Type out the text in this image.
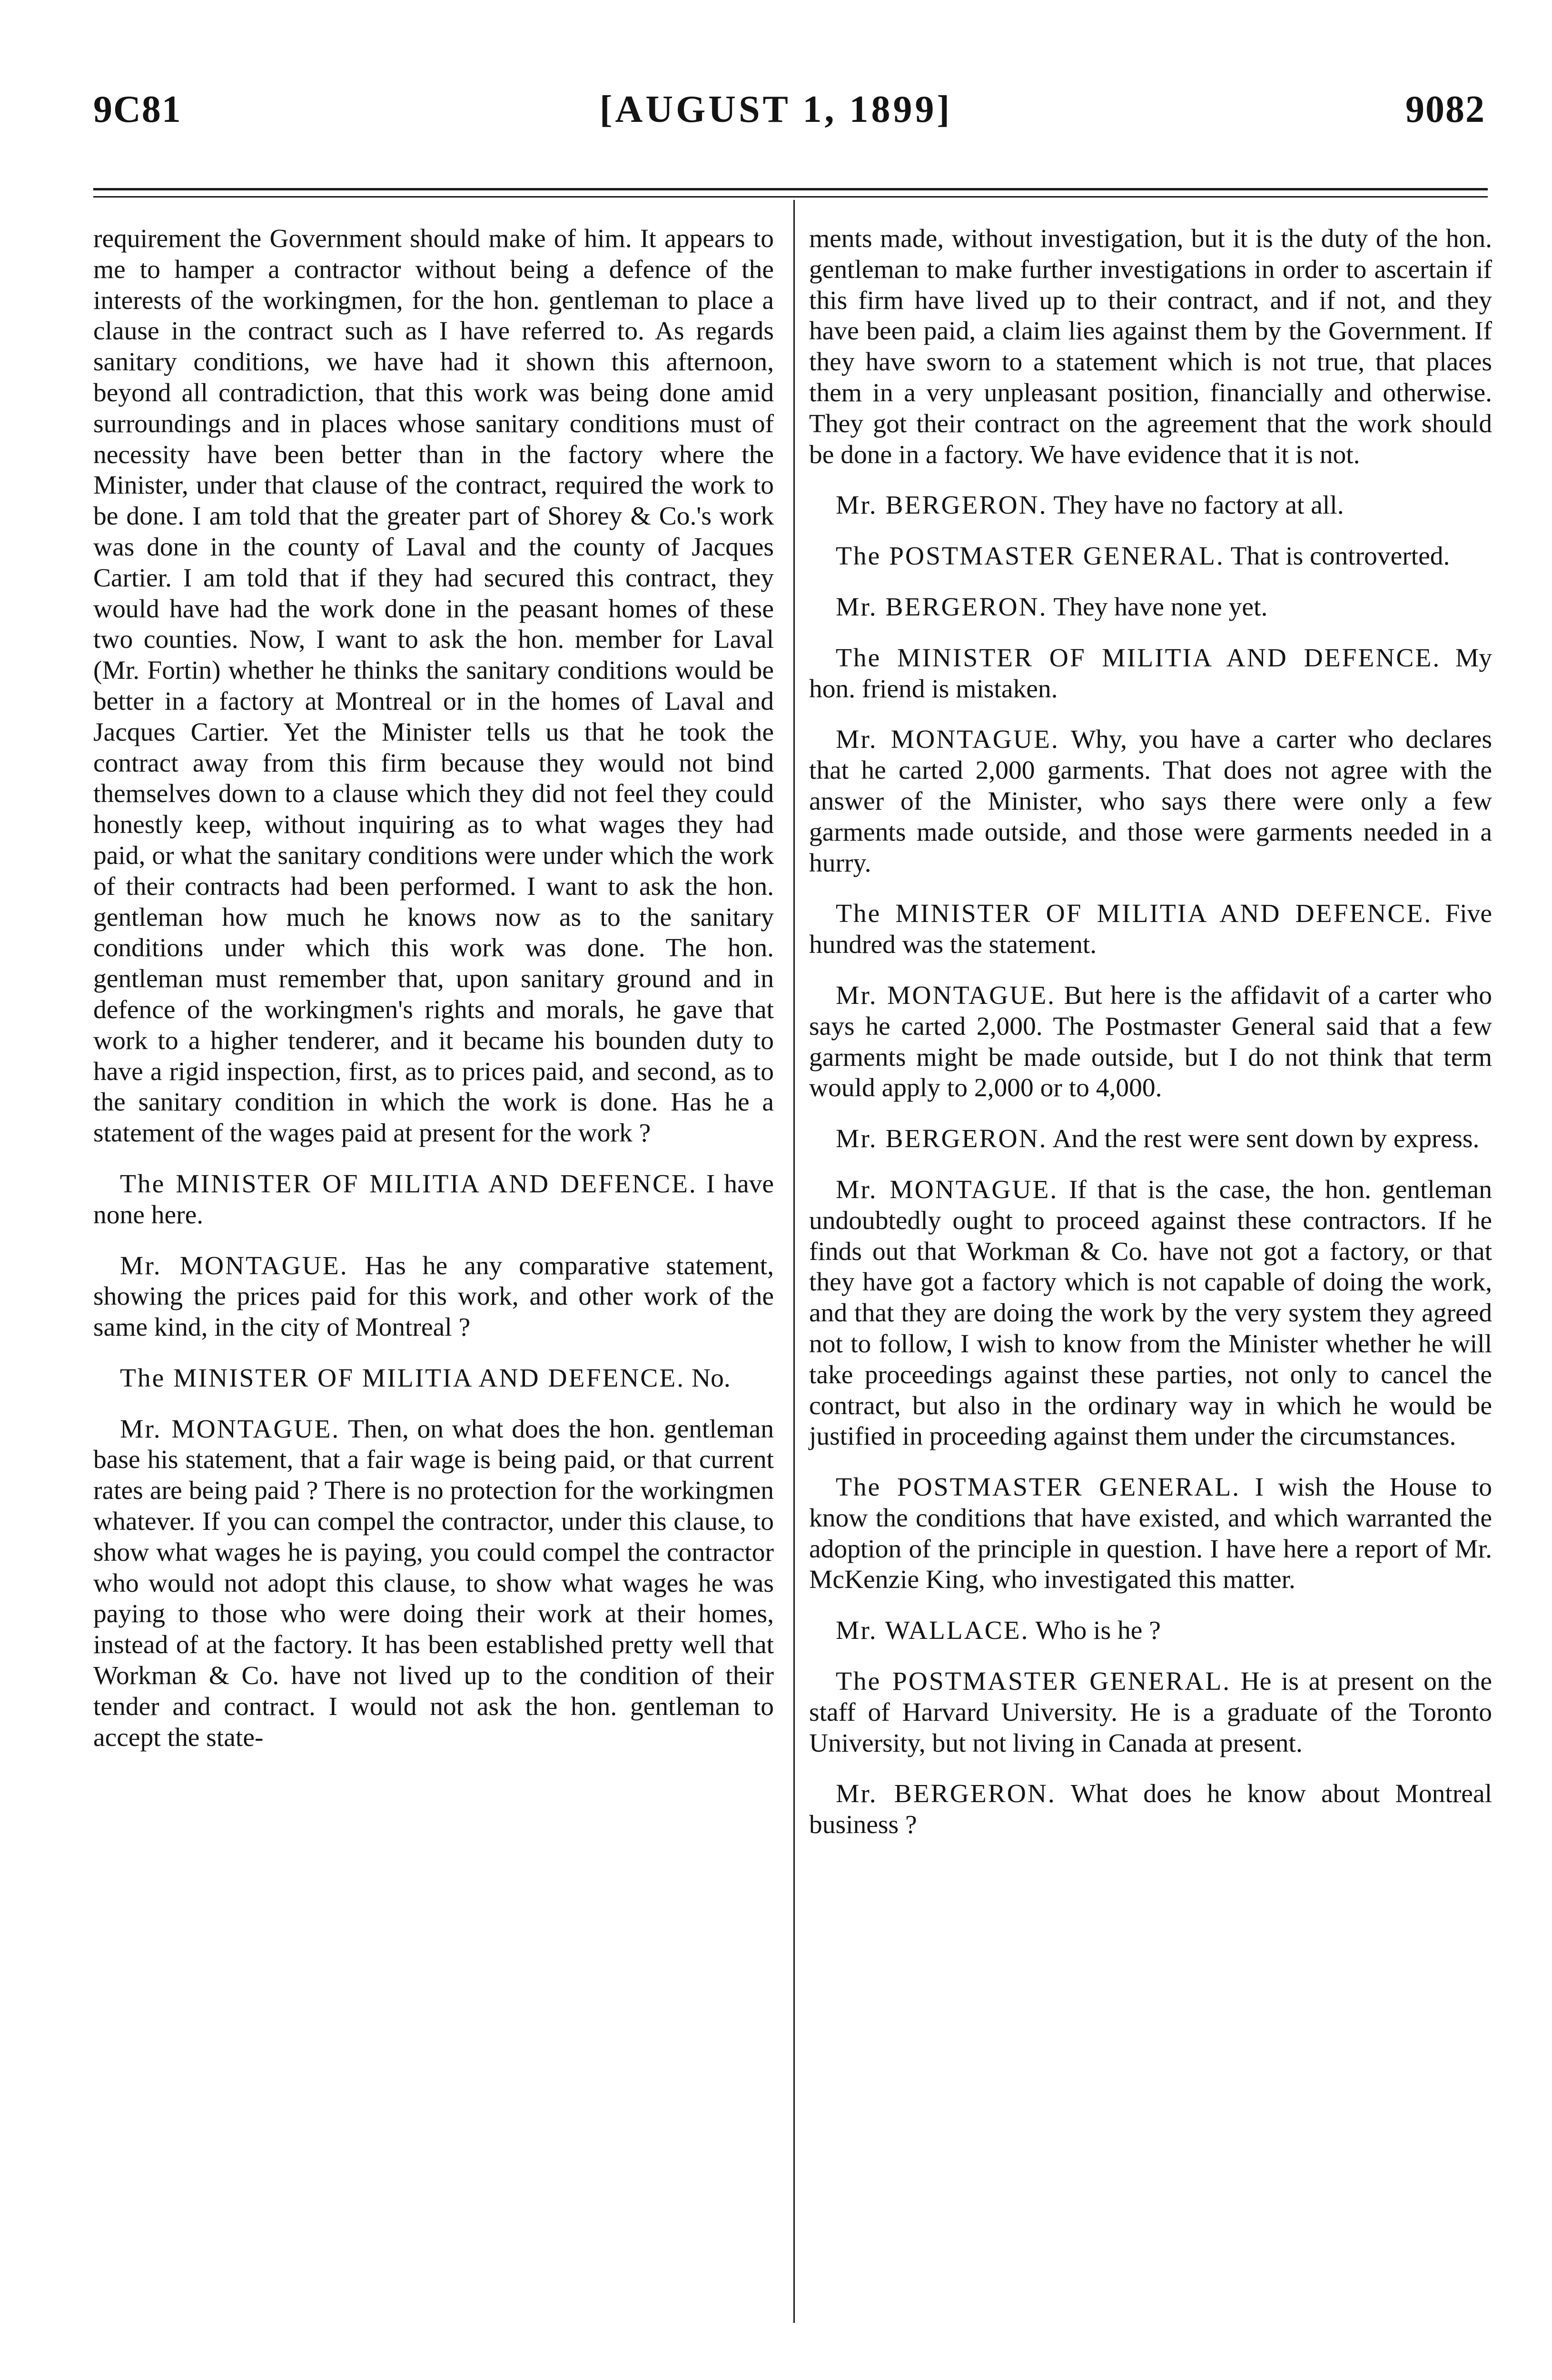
9C81	[AUGUST 1, 1899]	9082

requirement the Government should make of him. It appears to me to hamper a contractor without being a defence of the interests of the workingmen, for the hon. gentleman to place a clause in the contract such as I have referred to. As regards sanitary conditions, we have had it shown this afternoon, beyond all contradiction, that this work was being done amid surroundings and in places whose sanitary conditions must of necessity have been better than in the factory where the Minister, under that clause of the contract, required the work to be done. I am told that the greater part of Shorey & Co.'s work was done in the county of Laval and the county of Jacques Cartier. I am told that if they had secured this contract, they would have had the work done in the peasant homes of these two counties. Now, I want to ask the hon. member for Laval (Mr. Fortin) whether he thinks the sanitary conditions would be better in a factory at Montreal or in the homes of Laval and Jacques Cartier. Yet the Minister tells us that he took the contract away from this firm because they would not bind themselves down to a clause which they did not feel they could honestly keep, without inquiring as to what wages they had paid, or what the sanitary conditions were under which the work of their contracts had been performed. I want to ask the hon. gentleman how much he knows now as to the sanitary conditions under which this work was done. The hon. gentleman must remember that, upon sanitary ground and in defence of the workingmen's rights and morals, he gave that work to a higher tenderer, and it became his bounden duty to have a rigid inspection, first, as to prices paid, and second, as to the sanitary condition in which the work is done. Has he a statement of the wages paid at present for the work ?

The MINISTER OF MILITIA AND DEFENCE. I have none here.

Mr. MONTAGUE. Has he any comparative statement, showing the prices paid for this work, and other work of the same kind, in the city of Montreal ?

The MINISTER OF MILITIA AND DEFENCE. No.

Mr. MONTAGUE. Then, on what does the hon. gentleman base his statement, that a fair wage is being paid, or that current rates are being paid ? There is no protection for the workingmen whatever. If you can compel the contractor, under this clause, to show what wages he is paying, you could compel the contractor who would not adopt this clause, to show what wages he was paying to those who were doing their work at their homes, instead of at the factory. It has been established pretty well that Workman & Co. have not lived up to the condition of their tender and contract. I would not ask the hon. gentleman to accept the state-

ments made, without investigation, but it is the duty of the hon. gentleman to make further investigations in order to ascertain if this firm have lived up to their contract, and if not, and they have been paid, a claim lies against them by the Government. If they have sworn to a statement which is not true, that places them in a very unpleasant position, financially and otherwise. They got their contract on the agreement that the work should be done in a factory. We have evidence that it is not.

Mr. BERGERON. They have no factory at all.

The POSTMASTER GENERAL. That is controverted.

Mr. BERGERON. They have none yet.

The MINISTER OF MILITIA AND DEFENCE. My hon. friend is mistaken.

Mr. MONTAGUE. Why, you have a carter who declares that he carted 2,000 garments. That does not agree with the answer of the Minister, who says there were only a few garments made outside, and those were garments needed in a hurry.

The MINISTER OF MILITIA AND DEFENCE. Five hundred was the statement.

Mr. MONTAGUE. But here is the affidavit of a carter who says he carted 2,000. The Postmaster General said that a few garments might be made outside, but I do not think that term would apply to 2,000 or to 4,000.

Mr. BERGERON. And the rest were sent down by express.

Mr. MONTAGUE. If that is the case, the hon. gentleman undoubtedly ought to proceed against these contractors. If he finds out that Workman & Co. have not got a factory, or that they have got a factory which is not capable of doing the work, and that they are doing the work by the very system they agreed not to follow, I wish to know from the Minister whether he will take proceedings against these parties, not only to cancel the contract, but also in the ordinary way in which he would be justified in proceeding against them under the circumstances.

The POSTMASTER GENERAL. I wish the House to know the conditions that have existed, and which warranted the adoption of the principle in question. I have here a report of Mr. McKenzie King, who investigated this matter.

Mr. WALLACE. Who is he ?

The POSTMASTER GENERAL. He is at present on the staff of Harvard University. He is a graduate of the Toronto University, but not living in Canada at present.

Mr. BERGERON. What does he know about Montreal business ?
